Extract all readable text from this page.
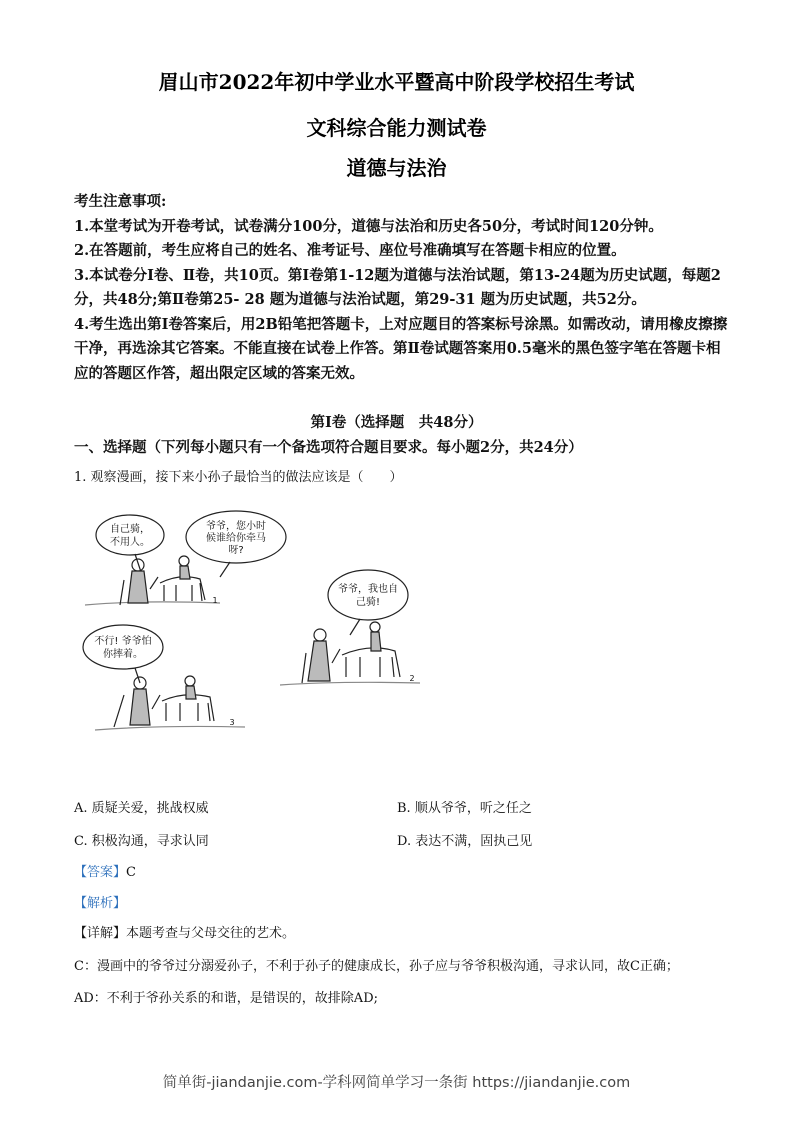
眉山市2022年初中学业水平暨高中阶段学校招生考试
文科综合能力测试卷
道德与法治

考生注意事项:

1.本堂考试为开卷考试，试卷满分100分，道德与法治和历史各50分，考试时间120分钟。

2.在答题前，考生应将自己的姓名、准考证号、座位号准确填写在答题卡相应的位置。

3.本试卷分Ⅰ卷、Ⅱ卷，共10页。第Ⅰ卷第1-12题为道德与法治试题，第13-24题为历史试题，每题2分，共48分;第Ⅱ卷第25- 28 题为道德与法治试题，第29-31 题为历史试题，共52分。

4.考生选出第Ⅰ卷答案后，用2B铅笔把答题卡，上对应题目的答案标号涂黑。如需改动，请用橡皮擦擦干净，再选涂其它答案。不能直接在试卷上作答。第Ⅱ卷试题答案用0.5毫米的黑色签字笔在答题卡相应的答题区作答，超出限定区域的答案无效。

第Ⅰ卷（选择题　共48分）
一、选择题（下列每小题只有一个备选项符合题目要求。每小题2分，共24分）
1. 观察漫画，接下来小孙子最恰当的做法应该是（　　）
自己骑，
不用人。
爷爷，您小时
候谁给你牵马
呀?
爷爷，我也自
己骑!
不行! 爷爷怕
你摔着。
1
2
3
A. 质疑关爱，挑战权威	B. 顺从爷爷，听之任之
C. 积极沟通，寻求认同	D. 表达不满，固执己见
【答案】C
【解析】
【详解】本题考查与父母交往的艺术。
C：漫画中的爷爷过分溺爱孙子，不利于孙子的健康成长，孙子应与爷爷积极沟通，寻求认同，故C正确；
AD：不利于爷孙关系的和谐，是错误的，故排除AD;
简单街-jiandanjie.com-学科网简单学习一条街 https://jiandanjie.com
